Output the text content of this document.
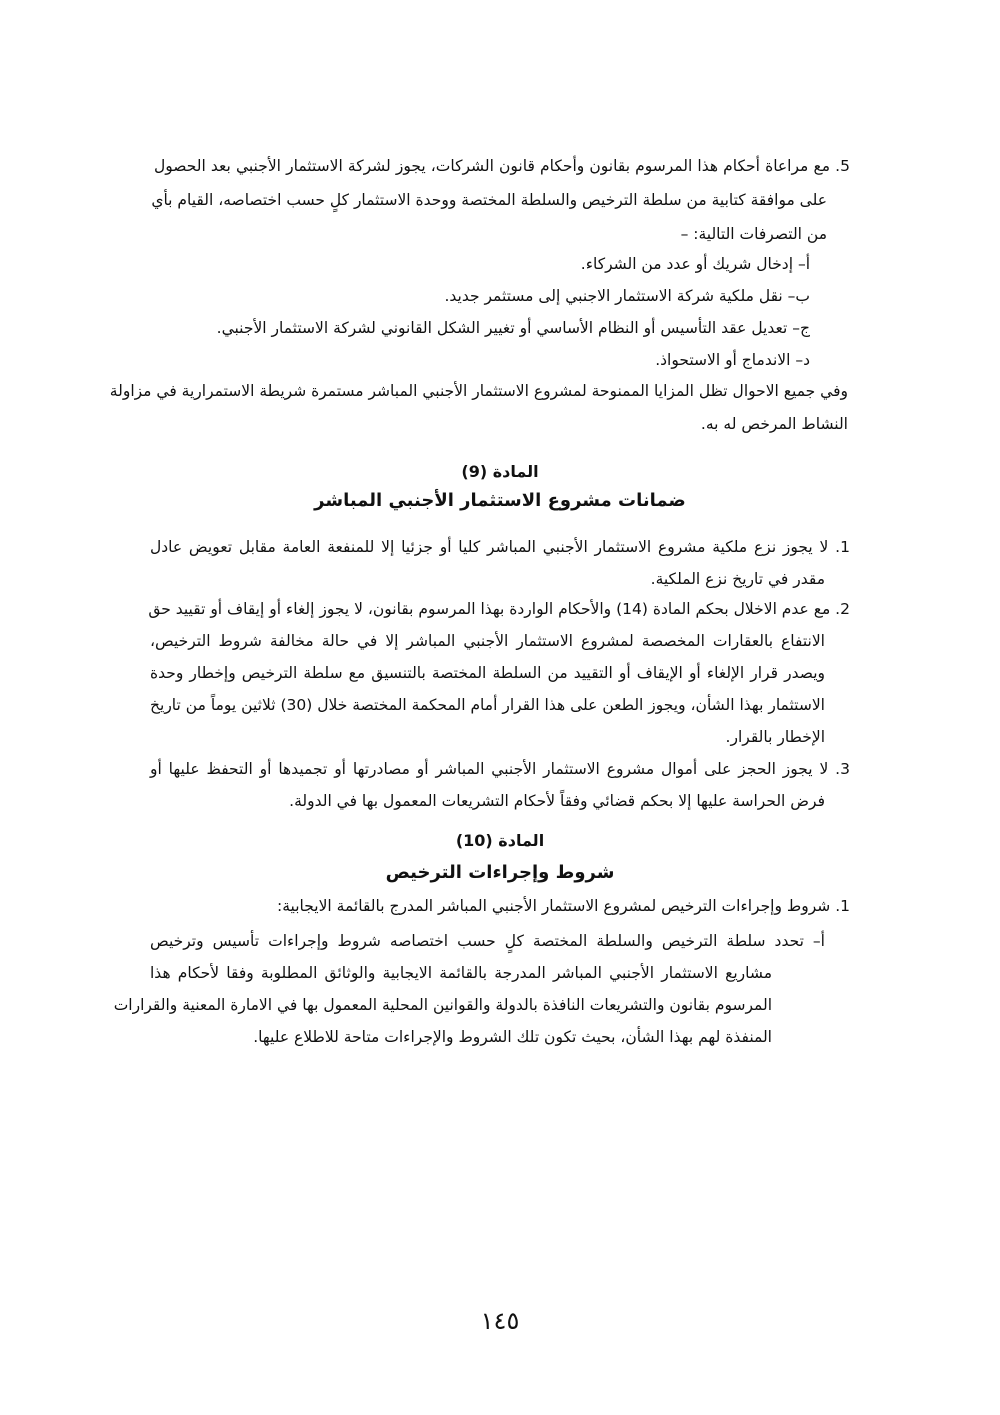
5. مع مراعاة أحكام هذا المرسوم بقانون وأحكام قانون الشركات، يجوز لشركة الاستثمار الأجنبي بعد الحصول
على موافقة كتابية من سلطة الترخيص والسلطة المختصة ووحدة الاستثمار كلٍ حسب اختصاصه، القيام بأي
من التصرفات التالية: –
أ– إدخال شريك أو عدد من الشركاء.
ب– نقل ملكية شركة الاستثمار الاجنبي إلى مستثمر جديد.
ج– تعديل عقد التأسيس أو النظام الأساسي أو تغيير الشكل القانوني لشركة الاستثمار الأجنبي.
د– الاندماج أو الاستحواذ.
وفي جميع الاحوال تظل المزايا الممنوحة لمشروع الاستثمار الأجنبي المباشر مستمرة شريطة الاستمرارية في مزاولة
النشاط المرخص له به.
المادة (9)
ضمانات مشروع الاستثمار الأجنبي المباشر
1. لا يجوز نزع ملكية مشروع الاستثمار الأجنبي المباشر كليا أو جزئيا إلا للمنفعة العامة مقابل تعويض عادل
مقدر في تاريخ نزع الملكية.
2. مع عدم الاخلال بحكم المادة (14) والأحكام الواردة بهذا المرسوم بقانون، لا يجوز إلغاء أو إيقاف أو تقييد حق
الانتفاع بالعقارات المخصصة لمشروع الاستثمار الأجنبي المباشر إلا في حالة مخالفة شروط الترخيص،
ويصدر قرار الإلغاء أو الإيقاف أو التقييد من السلطة المختصة بالتنسيق مع سلطة الترخيص وإخطار وحدة
الاستثمار بهذا الشأن، ويجوز الطعن على هذا القرار أمام المحكمة المختصة خلال (30) ثلاثين يوماً من تاريخ
الإخطار بالقرار.
3. لا يجوز الحجز على أموال مشروع الاستثمار الأجنبي المباشر أو مصادرتها أو تجميدها أو التحفظ عليها أو
فرض الحراسة عليها إلا بحكم قضائي وفقاً لأحكام التشريعات المعمول بها في الدولة.
المادة (10)
شروط وإجراءات الترخيص
1. شروط وإجراءات الترخيص لمشروع الاستثمار الأجنبي المباشر المدرج بالقائمة الايجابية:
أ– تحدد سلطة الترخيص والسلطة المختصة كلٍ حسب اختصاصه شروط وإجراءات تأسيس وترخيص
مشاريع الاستثمار الأجنبي المباشر المدرجة بالقائمة الايجابية والوثائق المطلوبة وفقا لأحكام هذا
المرسوم بقانون والتشريعات النافذة بالدولة والقوانين المحلية المعمول بها في الامارة المعنية والقرارات
المنفذة لهم بهذا الشأن، بحيث تكون تلك الشروط والإجراءات متاحة للاطلاع عليها.
١٤٥
